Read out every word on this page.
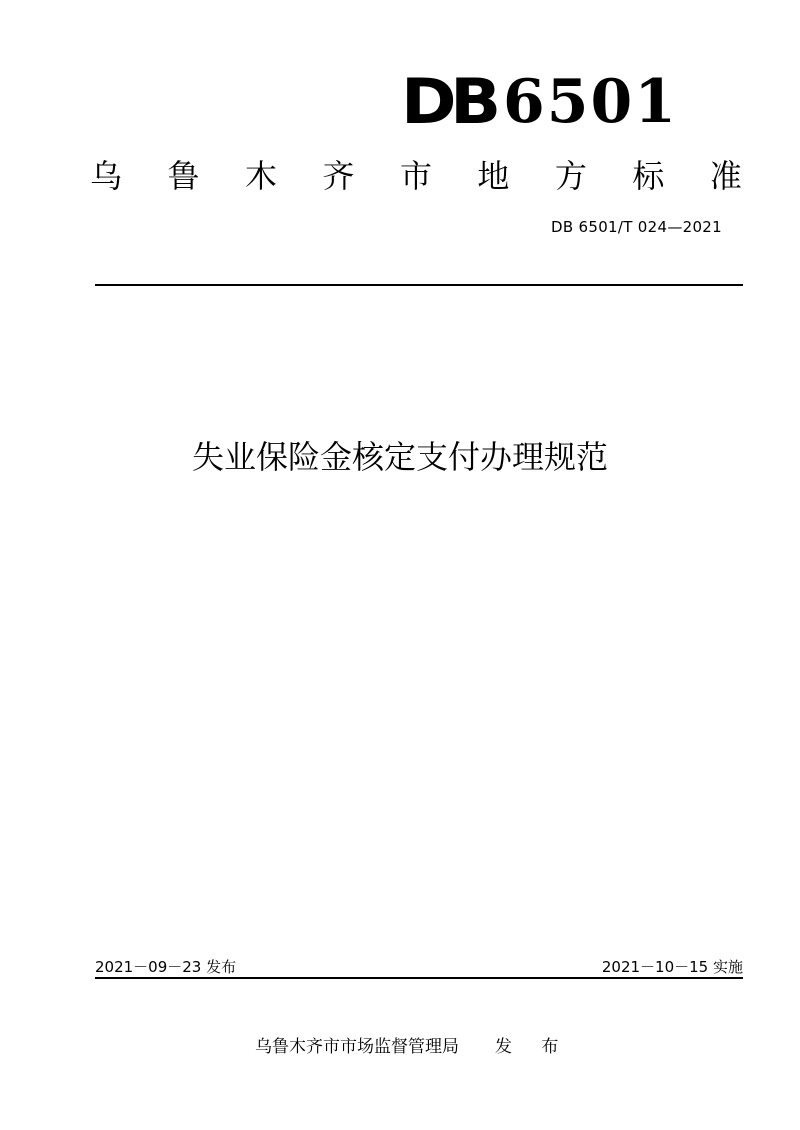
DB 6501
乌 鲁 木 齐 市 地 方 标 准
DB 6501/T 024—2021
失业保险金核定支付办理规范
2021－09－23 发布	2021－10－15 实施
乌鲁木齐市市场监督管理局 发 布
